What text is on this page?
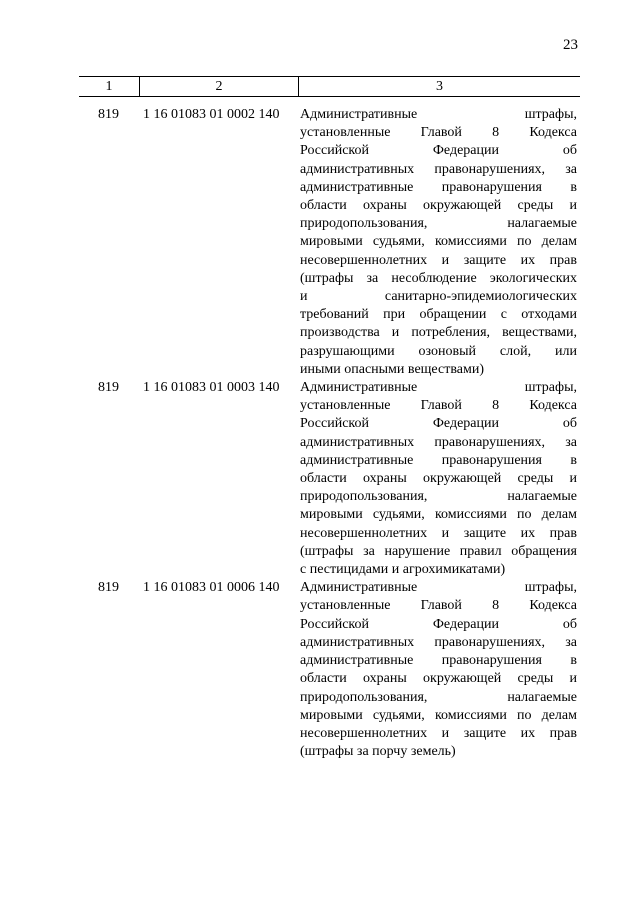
23
1	2	3
819 1 16 01083 01 0002 140 Административные штрафы,
установленные Главой 8 Кодекса
Российской Федерации об
административных правонарушениях, за
административные правонарушения в
области охраны окружающей среды и
природопользования, налагаемые
мировыми судьями, комиссиями по делам
несовершеннолетних и защите их прав
(штрафы за несоблюдение экологических
и санитарно-эпидемиологических
требований при обращении с отходами
производства и потребления, веществами,
разрушающими озоновый слой, или
иными опасными веществами)
819 1 16 01083 01 0003 140 Административные штрафы,
установленные Главой 8 Кодекса
Российской Федерации об
административных правонарушениях, за
административные правонарушения в
области охраны окружающей среды и
природопользования, налагаемые
мировыми судьями, комиссиями по делам
несовершеннолетних и защите их прав
(штрафы за нарушение правил обращения
с пестицидами и агрохимикатами)
819 1 16 01083 01 0006 140 Административные штрафы,
установленные Главой 8 Кодекса
Российской Федерации об
административных правонарушениях, за
административные правонарушения в
области охраны окружающей среды и
природопользования, налагаемые
мировыми судьями, комиссиями по делам
несовершеннолетних и защите их прав
(штрафы за порчу земель)
